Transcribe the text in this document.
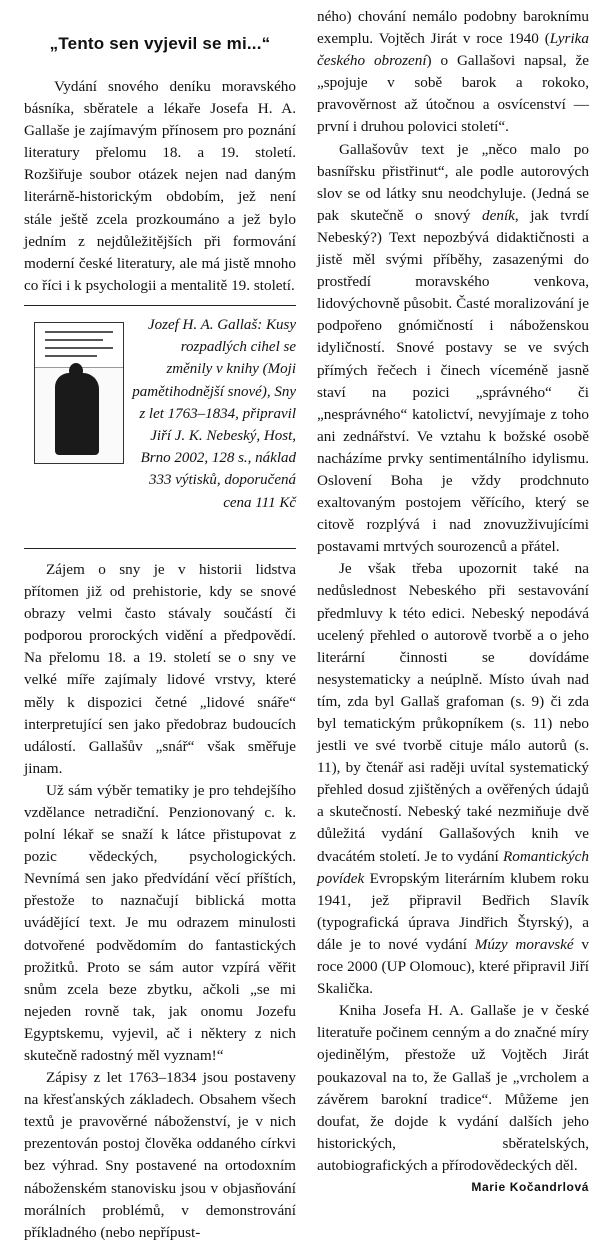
„Tento sen vyjevil se mi...“

Vydání snového deníku moravského básníka, sběratele a lékaře Josefa H. A. Gallaše je zajímavým přínosem pro poznání literatury přelomu 18. a 19. století. Rozšiřuje soubor otázek nejen nad daným literárně-historickým obdobím, jež není stále ještě zcela prozkoumáno a jež bylo jedním z nejdůležitějších při formování moderní české literatury, ale má jistě mnoho co říci i k psychologii a mentalitě 19. století.

Jozef H. A. Gallaš: Kusy rozpadlých cihel se změnily v knihy (Moji pamětihodnější snové), Sny z let 1763–1834, připravil Jiří J. K. Nebeský, Host, Brno 2002, 128 s., náklad 333 výtisků, doporučená cena 111 Kč

Zájem o sny je v historii lidstva přítomen již od prehistorie, kdy se snové obrazy velmi často stávaly součástí či podporou prorockých vidění a předpovědí. Na přelomu 18. a 19. století se o sny ve velké míře zajímaly lidové vrstvy, které měly k dispozici četné „lidové snáře“ interpretující sen jako předobraz budoucích událostí. Gallašův „snář“ však směřuje jinam.

Už sám výběr tematiky je pro tehdejšího vzdělance netradiční. Penzionovaný c. k. polní lékař se snaží k látce přistupovat z pozic vědeckých, psychologických. Nevnímá sen jako předvídání věcí příštích, přestože to naznačují biblická motta uvádějící text. Je mu odrazem minulosti dotvořené podvědomím do fantastických prožitků. Proto se sám autor vzpírá věřit snům zcela beze zbytku, ačkoli „se mi nejeden rovně tak, jak onomu Jozefu Egyptskemu, vyjevil, ač i některy z nich skutečně radostný měl vyznam!“

Zápisy z let 1763–1834 jsou postaveny na křesťanských základech. Obsahem všech textů je pravověrné náboženství, je v nich prezentován postoj člověka oddaného církvi bez výhrad. Sny postavené na ortodoxním náboženském stanovisku jsou v objasňování morálních problémů, v demonstrování příkladného (nebo nepřípust-

ného) chování nemálo podobny baroknímu exemplu. Vojtěch Jirát v roce 1940 (Lyrika českého obrození) o Gallašovi napsal, že „spojuje v sobě barok a rokoko, pravověrnost až útočnou a osvícenství — první i druhou polovici století“.

Gallašovův text je „něco malo po basnířsku přistřinut“, ale podle autorových slov se od látky snu neodchyluje. (Jedná se pak skutečně o snový deník, jak tvrdí Nebeský?) Text nepozbývá didaktičnosti a jistě měl svými příběhy, zasazenými do prostředí moravského venkova, lidovýchovně působit. Časté moralizování je podpořeno gnómičností i náboženskou idyličností. Snové postavy se ve svých přímých řečech i činech víceméně jasně staví na pozici „správného“ či „nesprávného“ katolictví, nevyjímaje z toho ani zednářství. Ve vztahu k božské osobě nacházíme prvky sentimentálního idylismu. Oslovení Boha je vždy prodchnuto exaltovaným postojem věřícího, který se citově rozplývá i nad znovuzživujícími postavami mrtvých sourozenců a přátel.

Je však třeba upozornit také na nedůslednost Nebeského při sestavování předmluvy k této edici. Nebeský nepodává ucelený přehled o autorově tvorbě a o jeho literární činnosti se dovídáme nesystematicky a neúplně. Místo úvah nad tím, zda byl Gallaš grafoman (s. 9) či zda byl tematickým průkopníkem (s. 11) nebo jestli ve své tvorbě cituje málo autorů (s. 11), by čtenář asi raději uvítal systematický přehled dosud zjištěných a ověřených údajů a skutečností. Nebeský také nezmiňuje dvě důležitá vydání Gallašových knih ve dvacátém století. Je to vydání Romantických povídek Evropským literárním klubem roku 1941, jež připravil Bedřich Slavík (typografická úprava Jindřich Štyrský), a dále je to nové vydání Múzy moravské v roce 2000 (UP Olomouc), které připravil Jiří Skalička.

Kniha Josefa H. A. Gallaše je v české literatuře počinem cenným a do značné míry ojedinělým, přestože už Vojtěch Jirát poukazoval na to, že Gallaš je „vrcholem a závěrem barokní tradice“. Můžeme jen doufat, že dojde k vydání dalších jeho historických, sběratelských, autobiografických a přírodovědeckých děl.

Marie Kočandrlová
